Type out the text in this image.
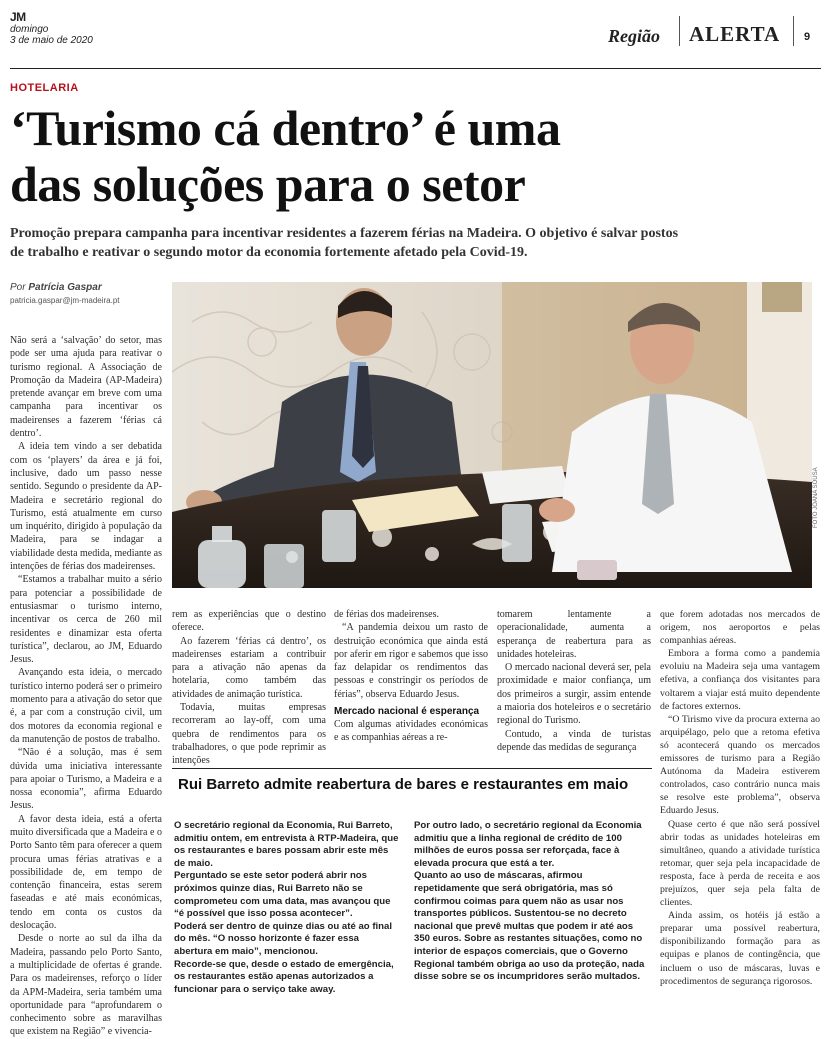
JM
domingo
3 de maio de 2020	Região ALERTA 9
HOTELARIA
‘Turismo cá dentro’ é uma
das soluções para o setor
Promoção prepara campanha para incentivar residentes a fazerem férias na Madeira. O objetivo é salvar postos
de trabalho e reativar o segundo motor da economia fortemente afetado pela Covid-19.
Por Patrícia Gaspar
patricia.gaspar@jm-madeira.pt
FOTO JOANA SOUSA

Não será a ‘salvação’ do setor, mas pode ser uma ajuda para reativar o turismo regional. A Associação de Promoção da Madeira (AP-Madeira) pretende avançar em breve com uma campanha para incentivar os madeirenses a fazerem ‘férias cá dentro’.

A ideia tem vindo a ser debatida com os ‘players’ da área e já foi, inclusive, dado um passo nesse sentido. Segundo o presidente da AP-Madeira e secretário regional do Turismo, está atualmente em curso um inquérito, dirigido à população da Madeira, para se indagar a viabilidade desta medida, mediante as intenções de férias dos madeirenses.

“Estamos a trabalhar muito a sério para potenciar a possibilidade de entusiasmar o turismo interno, incentivar os cerca de 260 mil residentes e dinamizar esta oferta turística”, declarou, ao JM, Eduardo Jesus.

Avançando esta ideia, o mercado turístico interno poderá ser o primeiro momento para a ativação do setor que é, a par com a construção civil, um dos motores da economia regional e da manutenção de postos de trabalho.

“Não é a solução, mas é sem dúvida uma iniciativa interessante para apoiar o Turismo, a Madeira e a nossa economia”, afirma Eduardo Jesus.

A favor desta ideia, está a oferta muito diversificada que a Madeira e o Porto Santo têm para oferecer a quem procura umas férias atrativas e a possibilidade de, em tempo de contenção financeira, estas serem faseadas e até mais económicas, tendo em conta os custos da deslocação.

Desde o norte ao sul da ilha da Madeira, passando pelo Porto Santo, a multiplicidade de ofertas é grande. Para os madeirenses, reforço o líder da APM-Madeira, seria também uma oportunidade para “aprofundarem o conhecimento sobre as maravilhas que existem na Região” e vivencia-

rem as experiências que o destino oferece.

Ao fazerem ‘férias cá dentro’, os madeirenses estariam a contribuir para a ativação não apenas da hotelaria, como também das atividades de animação turística.

Todavia, muitas empresas recorreram ao lay-off, com uma quebra de rendimentos para os trabalhadores, o que pode reprimir as intenções

de férias dos madeirenses.

“A pandemia deixou um rasto de destruição económica que ainda está por aferir em rigor e sabemos que isso faz delapidar os rendimentos das pessoas e constringir os períodos de férias”, observa Eduardo Jesus.

Mercado nacional é esperança

Com algumas atividades económicas e as companhias aéreas a re-

tomarem lentamente a operacionalidade, aumenta a esperança de reabertura para as unidades hoteleiras.

O mercado nacional deverá ser, pela proximidade e maior confiança, um dos primeiros a surgir, assim entende a maioria dos hoteleiros e o secretário regional do Turismo.

Contudo, a vinda de turistas depende das medidas de segurança

que forem adotadas nos mercados de origem, nos aeroportos e pelas companhias aéreas.

Embora a forma como a pandemia evoluiu na Madeira seja uma vantagem efetiva, a confiança dos visitantes para voltarem a viajar está muito dependente de factores externos.

“O Tirismo vive da procura externa ao arquipélago, pelo que a retoma efetiva só acontecerá quando os mercados emissores de turismo para a Região Autónoma da Madeira estiverem controlados, caso contrário nunca mais se resolve este problema”, observa Eduardo Jesus.

Quase certo é que não será possível abrir todas as unidades hoteleiras em simultâneo, quando a atividade turística retomar, quer seja pela incapacidade de resposta, face à perda de receita e aos prejuízos, quer seja pela falta de clientes.

Ainda assim, os hotéis já estão a preparar uma possível reabertura, disponibilizando formação para as equipas e planos de contingência, que incluem o uso de máscaras, luvas e procedimentos de segurança rigorosos.

Rui Barreto admite reabertura de bares e restaurantes em maio

O secretário regional da Economia, Rui Barreto, admitiu ontem, em entrevista à RTP-Madeira, que os restaurantes e bares possam abrir este mês de maio.

Perguntado se este setor poderá abrir nos próximos quinze dias, Rui Barreto não se comprometeu com uma data, mas avançou que “é possível que isso possa acontecer”.

Poderá ser dentro de quinze dias ou até ao final do mês. “O nosso horizonte é fazer essa abertura em maio”, mencionou.

Recorde-se que, desde o estado de emergência, os restaurantes estão apenas autorizados a funcionar para o serviço take away.

Por outro lado, o secretário regional da Economia admitiu que a linha regional de crédito de 100 milhões de euros possa ser reforçada, face à elevada procura que está a ter.

Quanto ao uso de máscaras, afirmou repetidamente que será obrigatória, mas só confirmou coimas para quem não as usar nos transportes públicos. Sustentou-se no decreto nacional que prevê multas que podem ir até aos 350 euros. Sobre as restantes situações, como no interior de espaços comerciais, que o Governo Regional também obriga ao uso da proteção, nada disse sobre se os incumpridores serão multados.
